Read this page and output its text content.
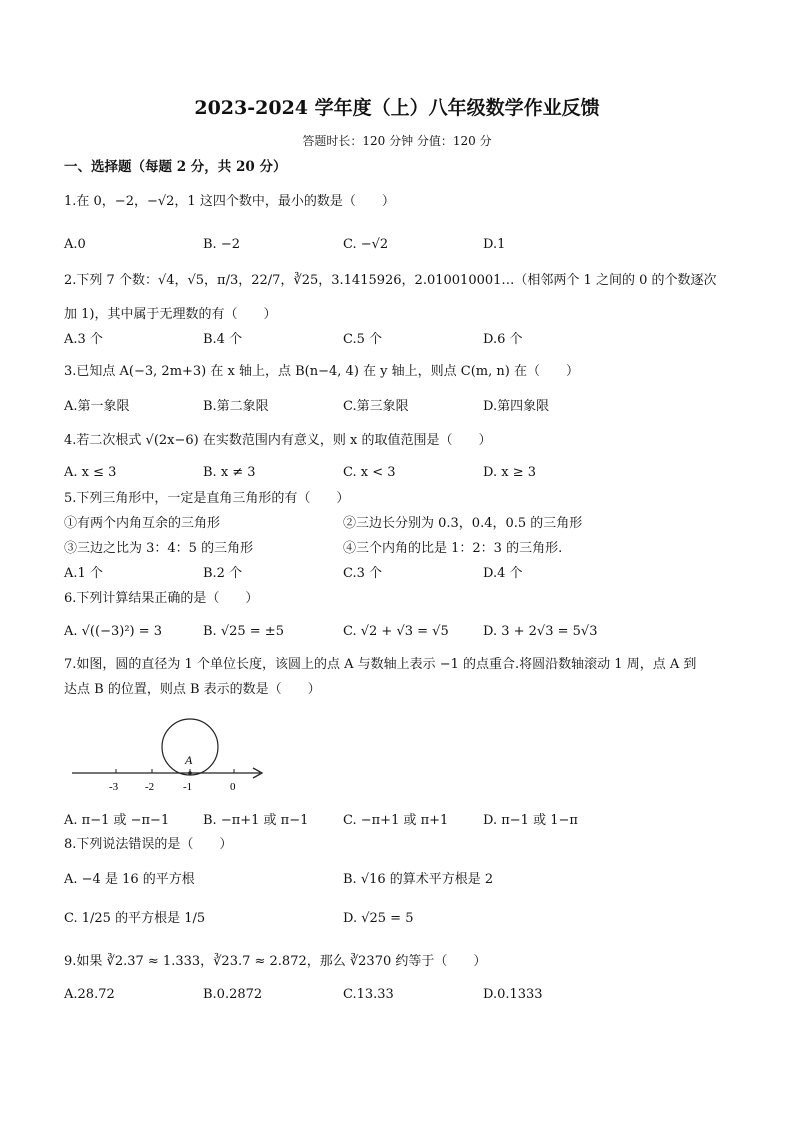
2023-2024 学年度（上）八年级数学作业反馈
答题时长：120 分钟 分值：120 分
一、选择题（每题 2 分，共 20 分）
1.在 0，−2，−√2，1 这四个数中，最小的数是（　　）
A.0	B. −2	C. −√2	D.1
2.下列 7 个数：√4，√5，π/3，22/7，∛25，3.1415926，2.010010001…（相邻两个 1 之间的 0 的个数逐次
加 1)，其中属于无理数的有（　　）
A.3 个	B.4 个	C.5 个	D.6 个
3.已知点 A(−3, 2m+3) 在 x 轴上，点 B(n−4, 4) 在 y 轴上，则点 C(m, n) 在（　　）
A.第一象限	B.第二象限	C.第三象限	D.第四象限
4.若二次根式 √(2x−6) 在实数范围内有意义，则 x 的取值范围是（　　）
A. x ≤ 3	B. x ≠ 3	C. x < 3	D. x ≥ 3
5.下列三角形中，一定是直角三角形的有（　　）
①有两个内角互余的三角形	②三边长分别为 0.3，0.4，0.5 的三角形
③三边之比为 3：4：5 的三角形	④三个内角的比是 1：2：3 的三角形.
A.1 个	B.2 个	C.3 个	D.4 个
6.下列计算结果正确的是（　　）
A. √((−3)²) = 3	B. √25 = ±5	C. √2 + √3 = √5	D. 3 + 2√3 = 5√3
7.如图，圆的直径为 1 个单位长度，该圆上的点 A 与数轴上表示 −1 的点重合.将圆沿数轴滚动 1 周，点 A 到
达点 B 的位置，则点 B 表示的数是（　　）
A
-3 -2	-1	0
A. π−1 或 −π−1	B. −π+1 或 π−1	C. −π+1 或 π+1	D. π−1 或 1−π
8.下列说法错误的是（　　）
A. −4 是 16 的平方根	B. √16 的算术平方根是 2
C. 1/25 的平方根是 1/5	D. √25 = 5
9.如果 ∛2.37 ≈ 1.333，∛23.7 ≈ 2.872，那么 ∛2370 约等于（　　）
A.28.72	B.0.2872	C.13.33	D.0.1333
